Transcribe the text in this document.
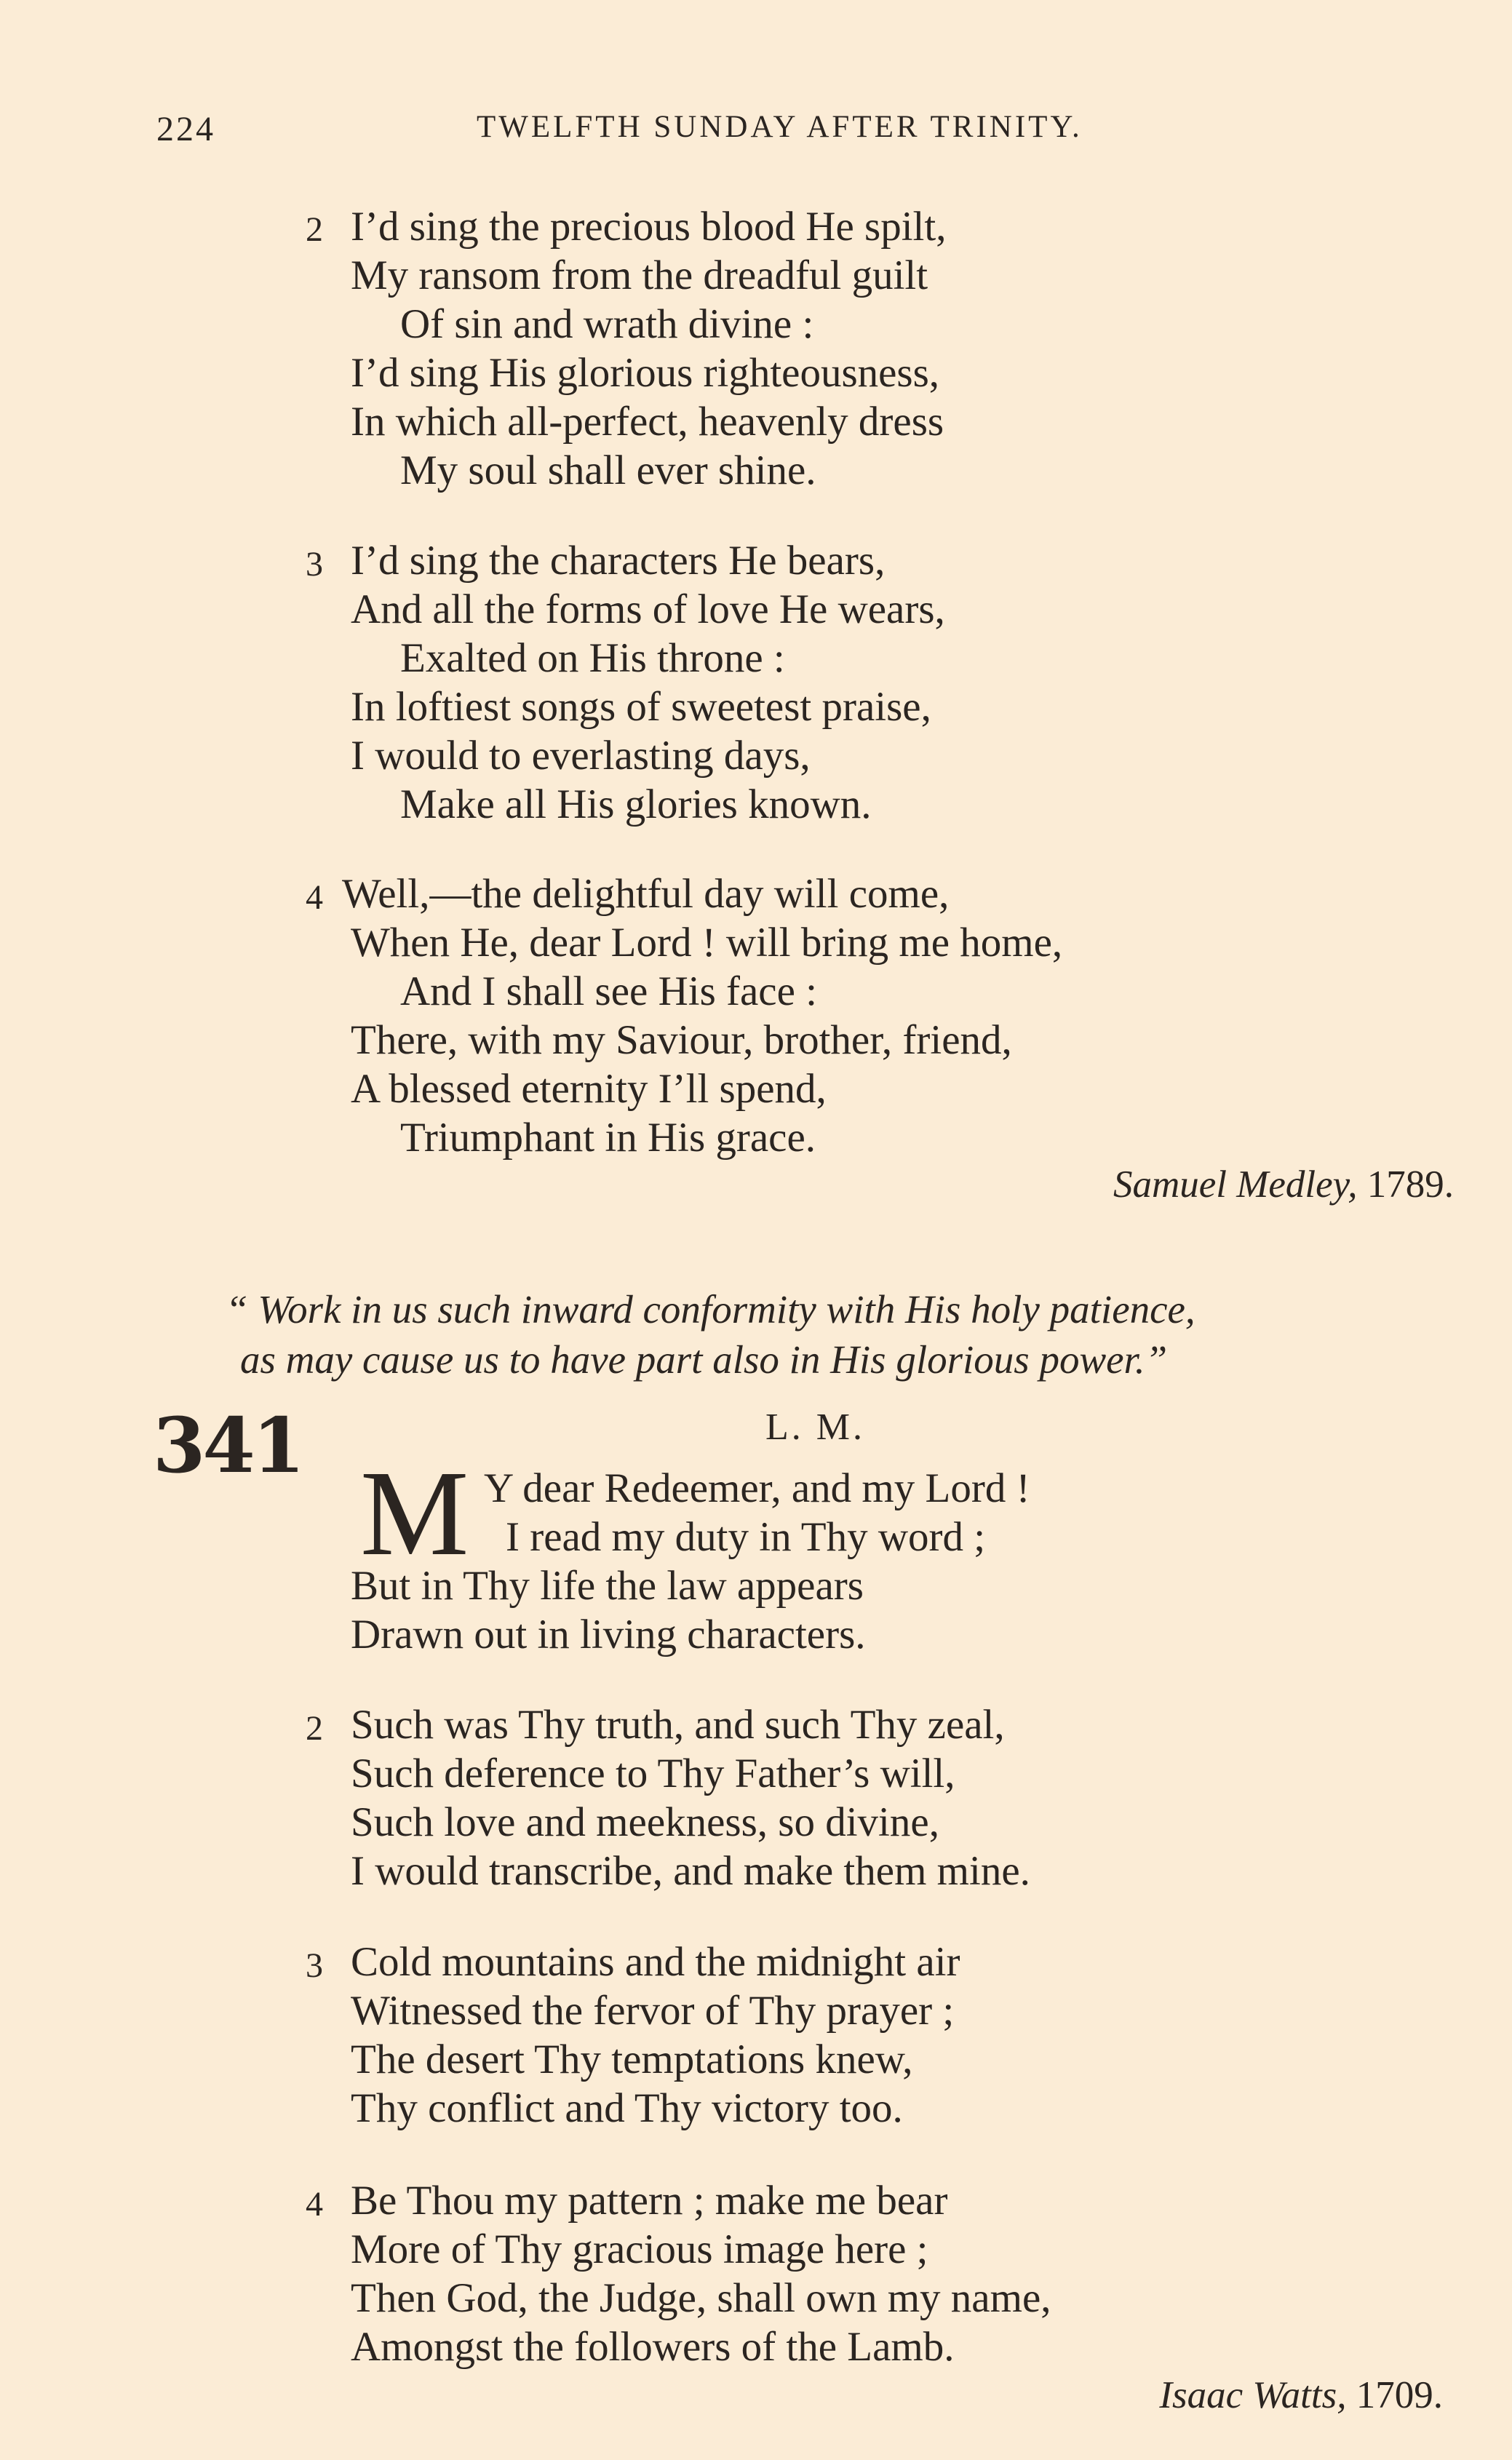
224	TWELFTH SUNDAY AFTER TRINITY.
2 I’d sing the precious blood He spilt,
My ransom from the dreadful guilt
Of sin and wrath divine :
I’d sing His glorious righteousness,
In which all-perfect, heavenly dress
My soul shall ever shine.
3 I’d sing the characters He bears,
And all the forms of love He wears,
Exalted on His throne :
In loftiest songs of sweetest praise,
I would to everlasting days,
Make all His glories known.
4 Well,—the delightful day will come,
When He, dear Lord ! will bring me home,
And I shall see His face :
There, with my Saviour, brother, friend,
A blessed eternity I’ll spend,
Triumphant in His grace.
Samuel Medley, 1789.
“ Work in us such inward conformity with His holy patience,
as may cause us to have part also in His glorious power.”
341	L. M.
M Y dear Redeemer, and my Lord !
I read my duty in Thy word ;
But in Thy life the law appears
Drawn out in living characters.
2 Such was Thy truth, and such Thy zeal,
Such deference to Thy Father’s will,
Such love and meekness, so divine,
I would transcribe, and make them mine.
3 Cold mountains and the midnight air
Witnessed the fervor of Thy prayer ;
The desert Thy temptations knew,
Thy conflict and Thy victory too.
4 Be Thou my pattern ; make me bear
More of Thy gracious image here ;
Then God, the Judge, shall own my name,
Amongst the followers of the Lamb.
Isaac Watts, 1709.
